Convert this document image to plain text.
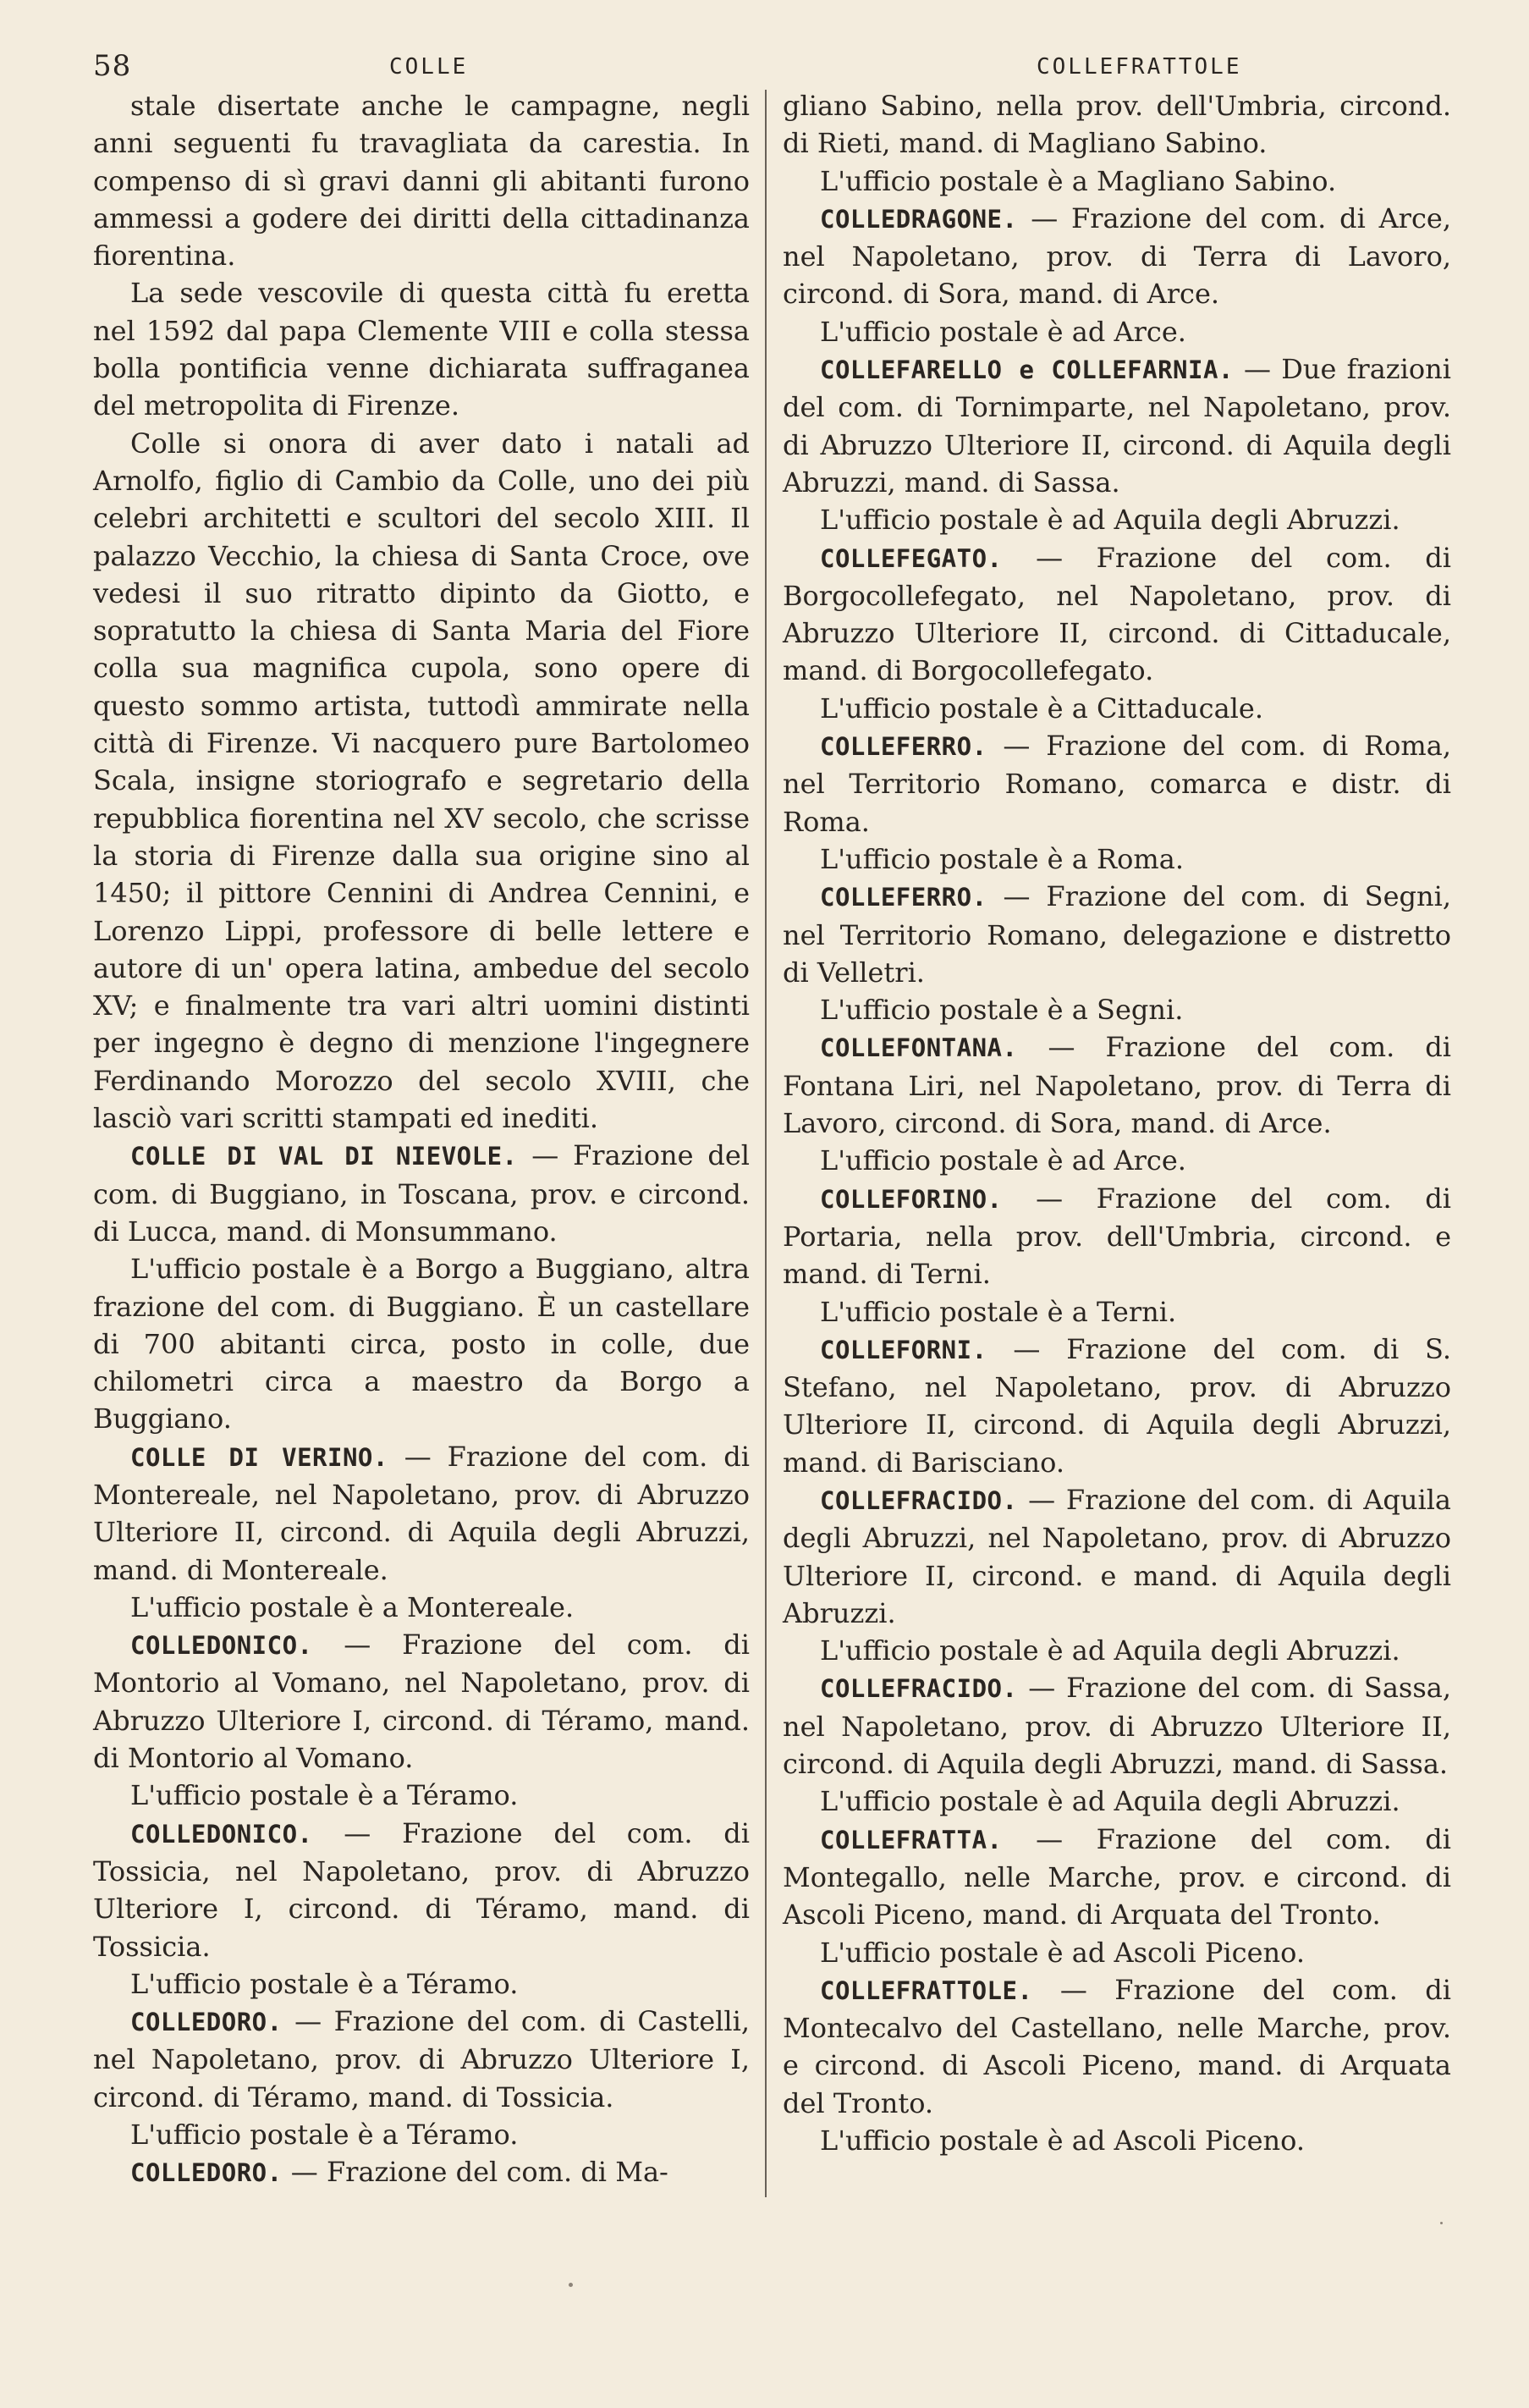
58	COLLE	COLLEFRATTOLE

stale disertate anche le campagne, negli anni seguenti fu travagliata da carestia. In compenso di sì gravi danni gli abitanti furono ammessi a godere dei diritti della cittadinanza fiorentina.

La sede vescovile di questa città fu eretta nel 1592 dal papa Clemente VIII e colla stessa bolla pontificia venne dichiarata suffraganea del metropolita di Firenze.

Colle si onora di aver dato i natali ad Arnolfo, figlio di Cambio da Colle, uno dei più celebri architetti e scultori del secolo XIII. Il palazzo Vecchio, la chiesa di Santa Croce, ove vedesi il suo ritratto dipinto da Giotto, e sopratutto la chiesa di Santa Maria del Fiore colla sua magnifica cupola, sono opere di questo sommo artista, tuttodì ammirate nella città di Firenze. Vi nacquero pure Bartolomeo Scala, insigne storiografo e segretario della repubblica fiorentina nel XV secolo, che scrisse la storia di Firenze dalla sua origine sino al 1450; il pittore Cennini di Andrea Cennini, e Lorenzo Lippi, professore di belle lettere e autore di un' opera latina, ambedue del secolo XV; e finalmente tra vari altri uomini distinti per ingegno è degno di menzione l'ingegnere Ferdinando Morozzo del secolo XVIII, che lasciò vari scritti stampati ed inediti.

COLLE DI VAL DI NIEVOLE. — Frazione del com. di Buggiano, in Toscana, prov. e circond. di Lucca, mand. di Monsummano.

L'ufficio postale è a Borgo a Buggiano, altra frazione del com. di Buggiano. È un castellare di 700 abitanti circa, posto in colle, due chilometri circa a maestro da Borgo a Buggiano.

COLLE DI VERINO. — Frazione del com. di Montereale, nel Napoletano, prov. di Abruzzo Ulteriore II, circond. di Aquila degli Abruzzi, mand. di Montereale.

L'ufficio postale è a Montereale.

COLLEDONICO. — Frazione del com. di Montorio al Vomano, nel Napoletano, prov. di Abruzzo Ulteriore I, circond. di Téramo, mand. di Montorio al Vomano.

L'ufficio postale è a Téramo.

COLLEDONICO. — Frazione del com. di Tossicia, nel Napoletano, prov. di Abruzzo Ulteriore I, circond. di Téramo, mand. di Tossicia.

L'ufficio postale è a Téramo.

COLLEDORO. — Frazione del com. di Castelli, nel Napoletano, prov. di Abruzzo Ulteriore I, circond. di Téramo, mand. di Tossicia.

L'ufficio postale è a Téramo.

COLLEDORO. — Frazione del com. di Ma-

gliano Sabino, nella prov. dell'Umbria, circond. di Rieti, mand. di Magliano Sabino.

L'ufficio postale è a Magliano Sabino.

COLLEDRAGONE. — Frazione del com. di Arce, nel Napoletano, prov. di Terra di Lavoro, circond. di Sora, mand. di Arce.

L'ufficio postale è ad Arce.

COLLEFARELLO e COLLEFARNIA. — Due frazioni del com. di Tornimparte, nel Napoletano, prov. di Abruzzo Ulteriore II, circond. di Aquila degli Abruzzi, mand. di Sassa.

L'ufficio postale è ad Aquila degli Abruzzi.

COLLEFEGATO. — Frazione del com. di Borgocollefegato, nel Napoletano, prov. di Abruzzo Ulteriore II, circond. di Cittaducale, mand. di Borgocollefegato.

L'ufficio postale è a Cittaducale.

COLLEFERRO. — Frazione del com. di Roma, nel Territorio Romano, comarca e distr. di Roma.

L'ufficio postale è a Roma.

COLLEFERRO. — Frazione del com. di Segni, nel Territorio Romano, delegazione e distretto di Velletri.

L'ufficio postale è a Segni.

COLLEFONTANA. — Frazione del com. di Fontana Liri, nel Napoletano, prov. di Terra di Lavoro, circond. di Sora, mand. di Arce.

L'ufficio postale è ad Arce.

COLLEFORINO. — Frazione del com. di Portaria, nella prov. dell'Umbria, circond. e mand. di Terni.

L'ufficio postale è a Terni.

COLLEFORNI. — Frazione del com. di S. Stefano, nel Napoletano, prov. di Abruzzo Ulteriore II, circond. di Aquila degli Abruzzi, mand. di Barisciano.

COLLEFRACIDO. — Frazione del com. di Aquila degli Abruzzi, nel Napoletano, prov. di Abruzzo Ulteriore II, circond. e mand. di Aquila degli Abruzzi.

L'ufficio postale è ad Aquila degli Abruzzi.

COLLEFRACIDO. — Frazione del com. di Sassa, nel Napoletano, prov. di Abruzzo Ulteriore II, circond. di Aquila degli Abruzzi, mand. di Sassa.

L'ufficio postale è ad Aquila degli Abruzzi.

COLLEFRATTA. — Frazione del com. di Montegallo, nelle Marche, prov. e circond. di Ascoli Piceno, mand. di Arquata del Tronto.

L'ufficio postale è ad Ascoli Piceno.

COLLEFRATTOLE. — Frazione del com. di Montecalvo del Castellano, nelle Marche, prov. e circond. di Ascoli Piceno, mand. di Arquata del Tronto.

L'ufficio postale è ad Ascoli Piceno.
